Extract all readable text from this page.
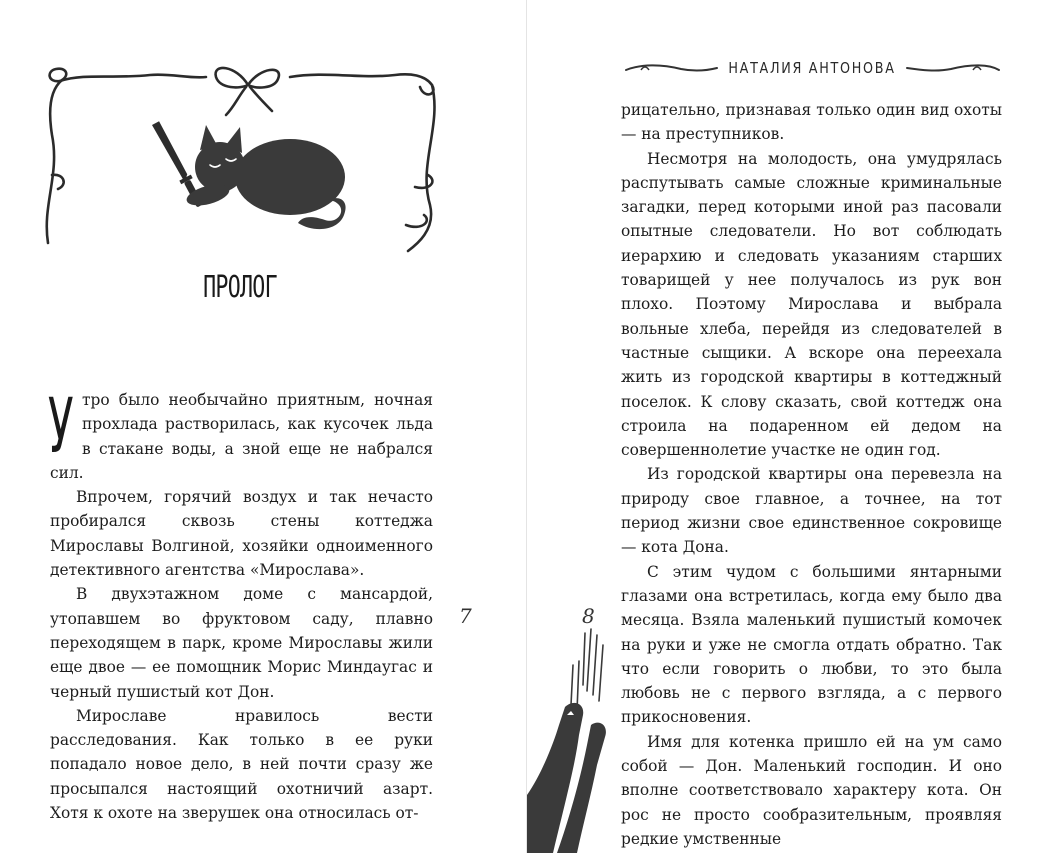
ПРОЛОГ

Утро было необычайно приятным, ночная прохлада растворилась, как кусочек льда в стакане воды, а зной еще не набрался сил.

Впрочем, горячий воздух и так нечасто пробирался сквозь стены коттеджа Мирославы Волгиной, хозяйки одноименного детективного агентства «Мирослава».

В двухэтажном доме с мансардой, утопавшем во фруктовом саду, плавно переходящем в парк, кроме Мирославы жили еще двое — ее помощник Морис Миндаугас и черный пушистый кот Дон.

Мирославе нравилось вести расследования. Как только в ее руки попадало новое дело, в ней почти сразу же просыпался настоящий охотничий азарт. Хотя к охоте на зверушек она относилась от-

7
НАТАЛИЯ АНТОНОВА

рицательно, признавая только один вид охоты — на преступников.

Несмотря на молодость, она умудрялась распутывать самые сложные криминальные загадки, перед которыми иной раз пасовали опытные следователи. Но вот соблюдать иерархию и следовать указаниям старших товарищей у нее получалось из рук вон плохо. Поэтому Мирослава и выбрала вольные хлеба, перейдя из следователей в частные сыщики. А вскоре она переехала жить из городской квартиры в коттеджный поселок. К слову сказать, свой коттедж она строила на подаренном ей дедом на совершеннолетие участке не один год.

Из городской квартиры она перевезла на природу свое главное, а точнее, на тот период жизни свое единственное сокровище — кота Дона.

С этим чудом с большими янтарными глазами она встретилась, когда ему было два месяца. Взяла маленький пушистый комочек на руки и уже не смогла отдать обратно. Так что если говорить о любви, то это была любовь не с первого взгляда, а с первого прикосновения.

Имя для котенка пришло ей на ум само собой — Дон. Маленький господин. И оно вполне соответствовало характеру кота. Он рос не просто сообразительным, проявляя редкие умственные

8
